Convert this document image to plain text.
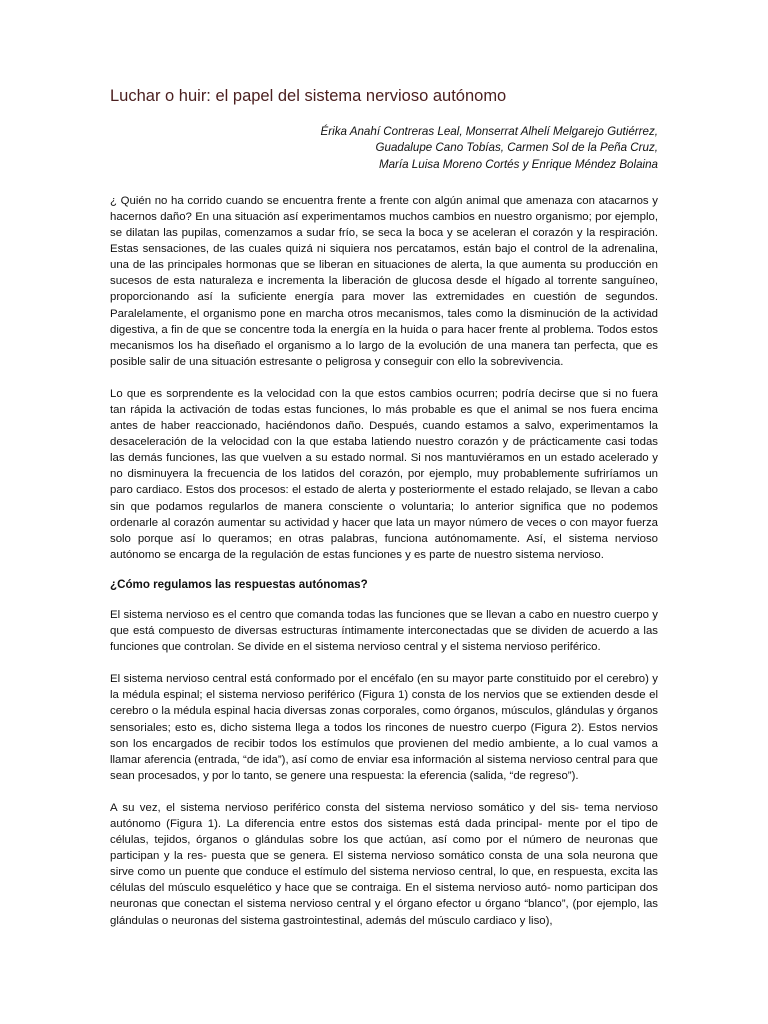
Luchar o huir: el papel del sistema nervioso autónomo
Érika Anahí Contreras Leal, Monserrat Alhelí Melgarejo Gutiérrez,
Guadalupe Cano Tobías, Carmen Sol de la Peña Cruz,
María Luisa Moreno Cortés y Enrique Méndez Bolaina

¿ Quién no ha corrido cuando se encuentra frente a frente con algún animal que amenaza con atacarnos y hacernos daño? En una situación así experimentamos muchos cambios en nuestro organismo; por ejemplo, se dilatan las pupilas, comenzamos a sudar frío, se seca la boca y se aceleran el corazón y la respiración. Estas sensaciones, de las cuales quizá ni siquiera nos percatamos, están bajo el control de la adrenalina, una de las principales hormonas que se liberan en situaciones de alerta, la que aumenta su producción en sucesos de esta naturaleza e incrementa la liberación de glucosa desde el hígado al torrente sanguíneo, proporcionando así la suficiente energía para mover las extremidades en cuestión de segundos. Paralelamente, el organismo pone en marcha otros mecanismos, tales como la disminución de la actividad digestiva, a fin de que se concentre toda la energía en la huida o para hacer frente al problema. Todos estos mecanismos los ha diseñado el organismo a lo largo de la evolución de una manera tan perfecta, que es posible salir de una situación estresante o peligrosa y conseguir con ello la sobrevivencia.

Lo que es sorprendente es la velocidad con la que estos cambios ocurren; podría decirse que si no fuera tan rápida la activación de todas estas funciones, lo más probable es que el animal se nos fuera encima antes de haber reaccionado, haciéndonos daño. Después, cuando estamos a salvo, experimentamos la desaceleración de la velocidad con la que estaba latiendo nuestro corazón y de prácticamente casi todas las demás funciones, las que vuelven a su estado normal. Si nos mantuviéramos en un estado acelerado y no disminuyera la frecuencia de los latidos del corazón, por ejemplo, muy probablemente sufriríamos un paro cardiaco. Estos dos procesos: el estado de alerta y posteriormente el estado relajado, se llevan a cabo sin que podamos regularlos de manera consciente o voluntaria; lo anterior significa que no podemos ordenarle al corazón aumentar su actividad y hacer que lata un mayor número de veces o con mayor fuerza solo porque así lo queramos; en otras palabras, funciona autónomamente. Así, el sistema nervioso autónomo se encarga de la regulación de estas funciones y es parte de nuestro sistema nervioso.

¿Cómo regulamos las respuestas autónomas?

El sistema nervioso es el centro que comanda todas las funciones que se llevan a cabo en nuestro cuerpo y que está compuesto de diversas estructuras íntimamente interconectadas que se dividen de acuerdo a las funciones que controlan. Se divide en el sistema nervioso central y el sistema nervioso periférico.

El sistema nervioso central está conformado por el encéfalo (en su mayor parte constituido por el cerebro) y la médula espinal; el sistema nervioso periférico (Figura 1) consta de los nervios que se extienden desde el cerebro o la médula espinal hacia diversas zonas corporales, como órganos, músculos, glándulas y órganos sensoriales; esto es, dicho sistema llega a todos los rincones de nuestro cuerpo (Figura 2). Estos nervios son los encargados de recibir todos los estímulos que provienen del medio ambiente, a lo cual vamos a llamar aferencia (entrada, “de ida”), así como de enviar esa información al sistema nervioso central para que sean procesados, y por lo tanto, se genere una respuesta: la eferencia (salida, “de regreso”).

A su vez, el sistema nervioso periférico consta del sistema nervioso somático y del sis- tema nervioso autónomo (Figura 1). La diferencia entre estos dos sistemas está dada principal- mente por el tipo de células, tejidos, órganos o glándulas sobre los que actúan, así como por el número de neuronas que participan y la res- puesta que se genera. El sistema nervioso somático consta de una sola neurona que sirve como un puente que conduce el estímulo del sistema nervioso central, lo que, en respuesta, excita las células del músculo esquelético y hace que se contraiga. En el sistema nervioso autó- nomo participan dos neuronas que conectan el sistema nervioso central y el órgano efector u órgano “blanco”, (por ejemplo, las glándulas o neuronas del sistema gastrointestinal, además del músculo cardiaco y liso),
